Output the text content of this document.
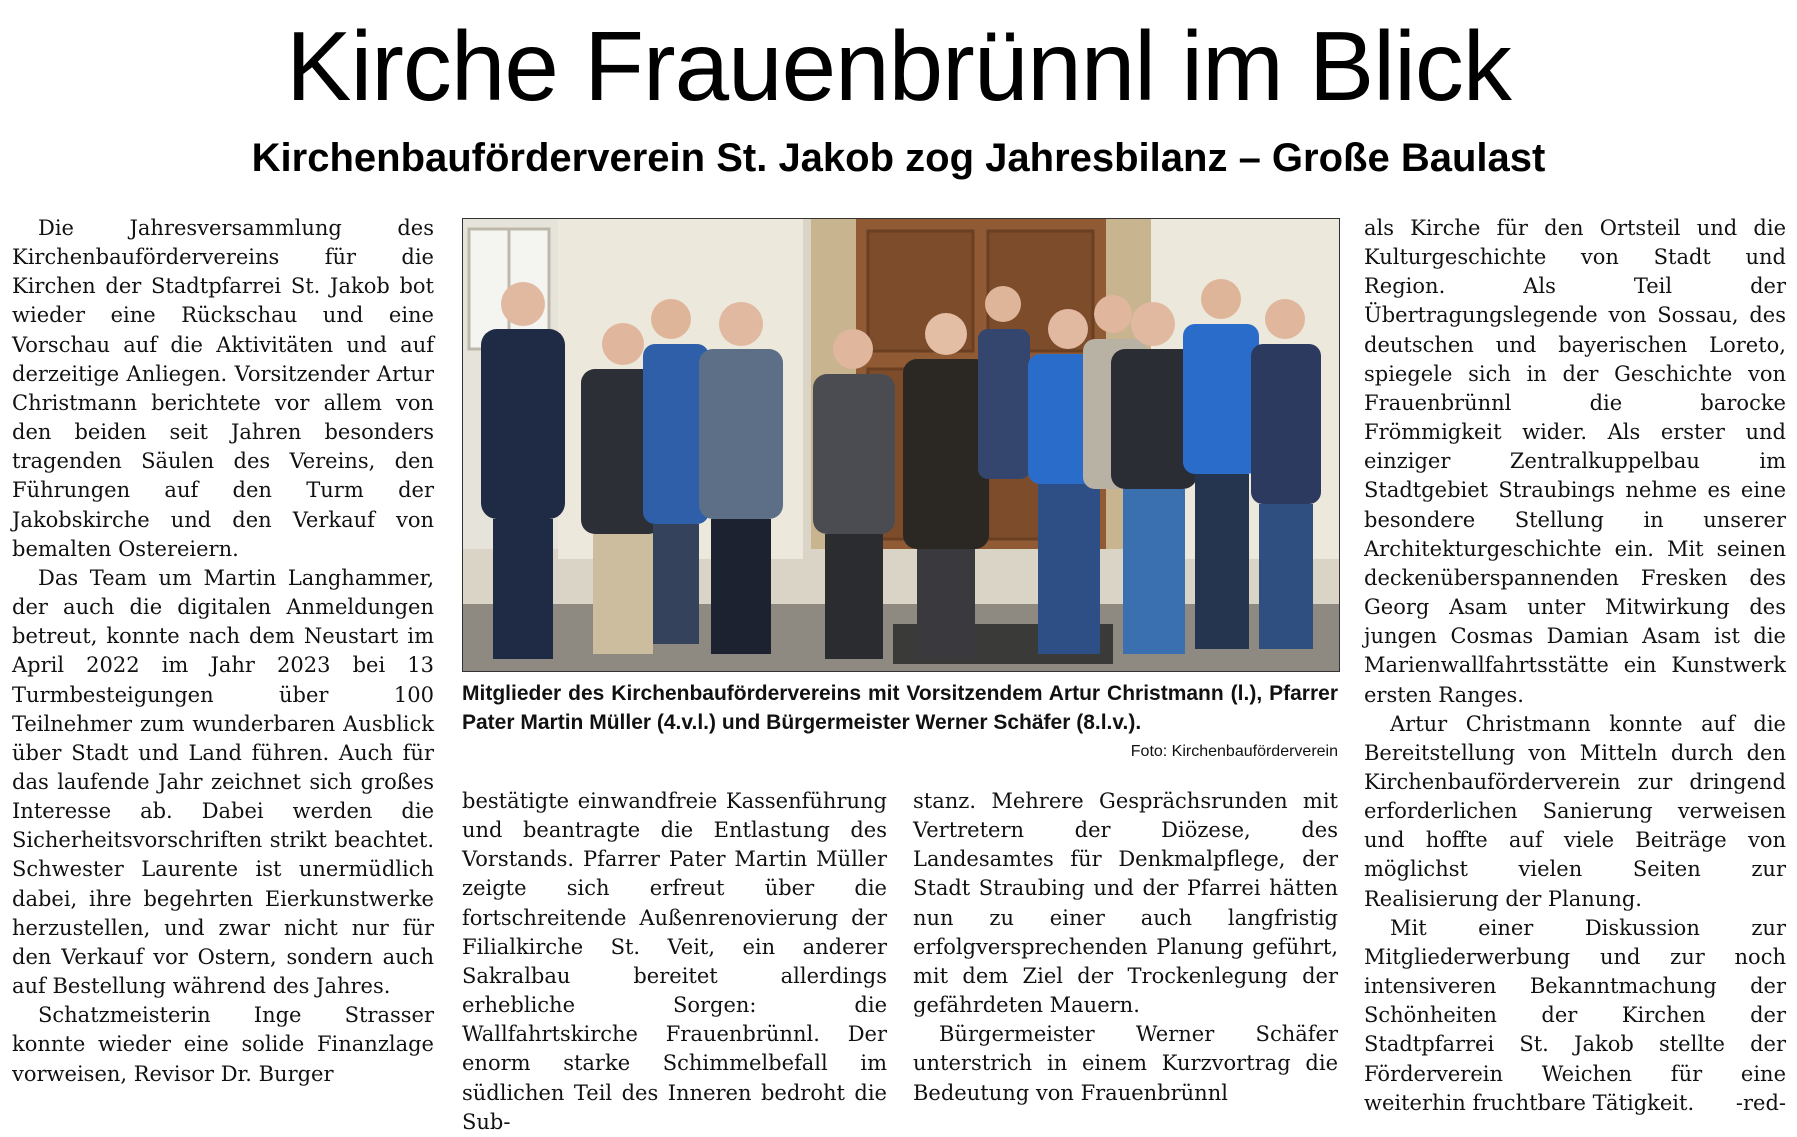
Kirche Frauenbrünnl im Blick
Kirchenbauförderverein St. Jakob zog Jahresbilanz – Große Baulast

Die Jahresversammlung des Kirchenbaufördervereins für die Kirchen der Stadtpfarrei St. Jakob bot wieder eine Rückschau und eine Vorschau auf die Aktivitäten und auf derzeitige Anliegen. Vorsitzender Artur Christmann berichtete vor allem von den beiden seit Jahren besonders tragenden Säulen des Vereins, den Führungen auf den Turm der Jakobskirche und den Verkauf von bemalten Ostereiern.

Das Team um Martin Langhammer, der auch die digitalen Anmeldungen betreut, konnte nach dem Neustart im April 2022 im Jahr 2023 bei 13 Turmbesteigungen über 100 Teilnehmer zum wunderbaren Ausblick über Stadt und Land führen. Auch für das laufende Jahr zeichnet sich großes Interesse ab. Dabei werden die Sicherheitsvorschriften strikt beachtet. Schwester Laurente ist unermüdlich dabei, ihre begehrten Eierkunstwerke herzustellen, und zwar nicht nur für den Verkauf vor Ostern, sondern auch auf Bestellung während des Jahres.

Schatzmeisterin Inge Strasser konnte wieder eine solide Finanzlage vorweisen, Revisor Dr. Burger

Mitglieder des Kirchenbaufördervereins mit Vorsitzendem Artur Christmann (l.), Pfarrer Pater Martin Müller (4.v.l.) und Bürgermeister Werner Schäfer (8.l.v.).

Foto: Kirchenbauförderverein

bestätigte einwandfreie Kassenführung und beantragte die Entlastung des Vorstands. Pfarrer Pater Martin Müller zeigte sich erfreut über die fortschreitende Außenrenovierung der Filialkirche St. Veit, ein anderer Sakralbau bereitet allerdings erhebliche Sorgen: die Wallfahrtskirche Frauenbrünnl. Der enorm starke Schimmelbefall im südlichen Teil des Inneren bedroht die Sub-

stanz. Mehrere Gesprächsrunden mit Vertretern der Diözese, des Landesamtes für Denkmalpflege, der Stadt Straubing und der Pfarrei hätten nun zu einer auch langfristig erfolgversprechenden Planung geführt, mit dem Ziel der Trockenlegung der gefährdeten Mauern.

Bürgermeister Werner Schäfer unterstrich in einem Kurzvortrag die Bedeutung von Frauenbrünnl

als Kirche für den Ortsteil und die Kulturgeschichte von Stadt und Region. Als Teil der Übertragungslegende von Sossau, des deutschen und bayerischen Loreto, spiegele sich in der Geschichte von Frauenbrünnl die barocke Frömmigkeit wider. Als erster und einziger Zentralkuppelbau im Stadtgebiet Straubings nehme es eine besondere Stellung in unserer Architekturgeschichte ein. Mit seinen deckenüberspannenden Fresken des Georg Asam unter Mitwirkung des jungen Cosmas Damian Asam ist die Marienwallfahrtsstätte ein Kunstwerk ersten Ranges.

Artur Christmann konnte auf die Bereitstellung von Mitteln durch den Kirchenbauförderverein zur dringend erforderlichen Sanierung verweisen und hoffte auf viele Beiträge von möglichst vielen Seiten zur Realisierung der Planung.

Mit einer Diskussion zur Mitgliederwerbung und zur noch intensiveren Bekanntmachung der Schönheiten der Kirchen der Stadtpfarrei St. Jakob stellte der Förderverein Weichen für eine weiterhin fruchtbare Tätigkeit. -red-
